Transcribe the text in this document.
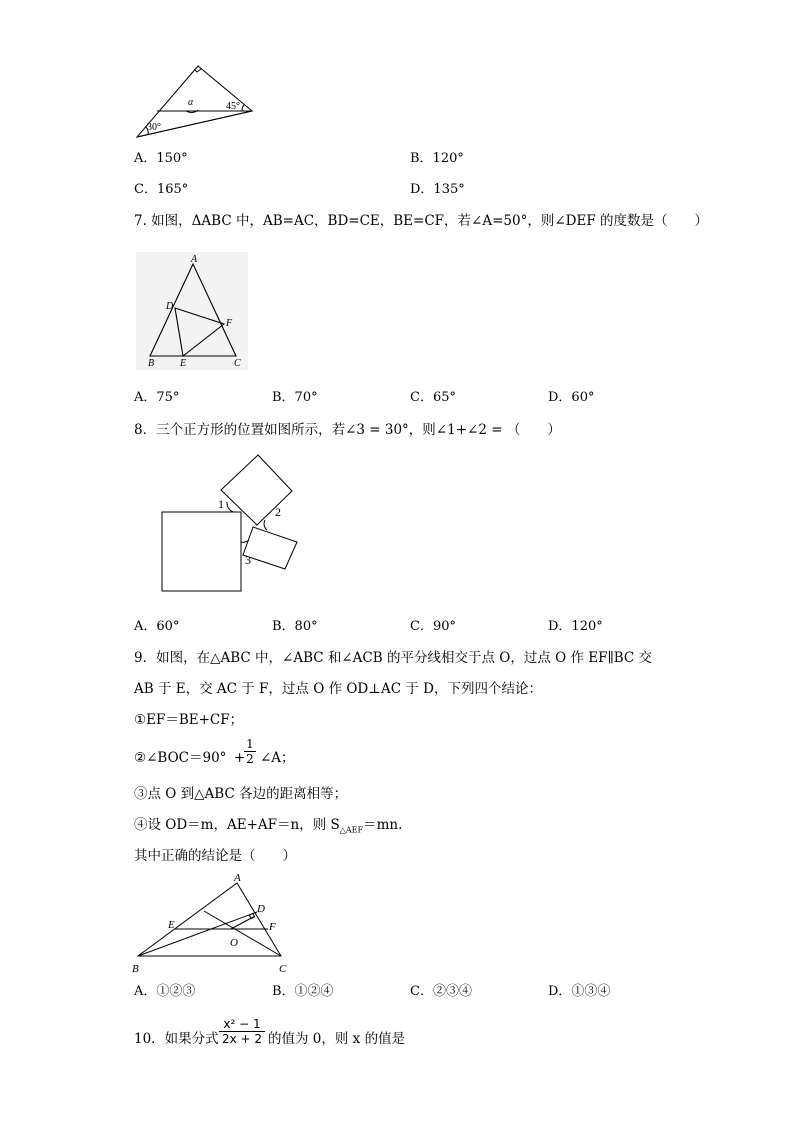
α	45°
30°
A．150°	B．120°
C．165°	D．135°
7. 如图，ΔABC 中，AB=AC，BD=CE，BE=CF，若∠A=50°，则∠DEF 的度数是（　　）
A
B	C
D
E
F
A．75°	B．70°	C．65°	D．60°
8．三个正方形的位置如图所示，若∠3 = 30°，则∠1+∠2 = （　　）
1
2
3
A．60°	B．80°	C．90°	D．120°
9．如图，在△ABC 中，∠ABC 和∠ACB 的平分线相交于点 O，过点 O 作 EF∥BC 交
AB 于 E，交 AC 于 F，过点 O 作 OD⊥AC 于 D，下列四个结论：
①EF＝BE+CF；
②∠BOC＝90° +
$\frac{1}{2}$ ∠A；
③点 O 到△ABC 各边的距离相等；
④设 OD＝m，AE+AF＝n，则 $S_{\triangle AEF}=mn$.
其中正确的结论是（　　）
A
B	C
D
E	F
O
A．①②③	B．①②④	C．②③④	D．①③④
10．如果分式 $\frac{\text{x² − 1}}{2x + 2}$ 的值为 0，则 x 的值是
